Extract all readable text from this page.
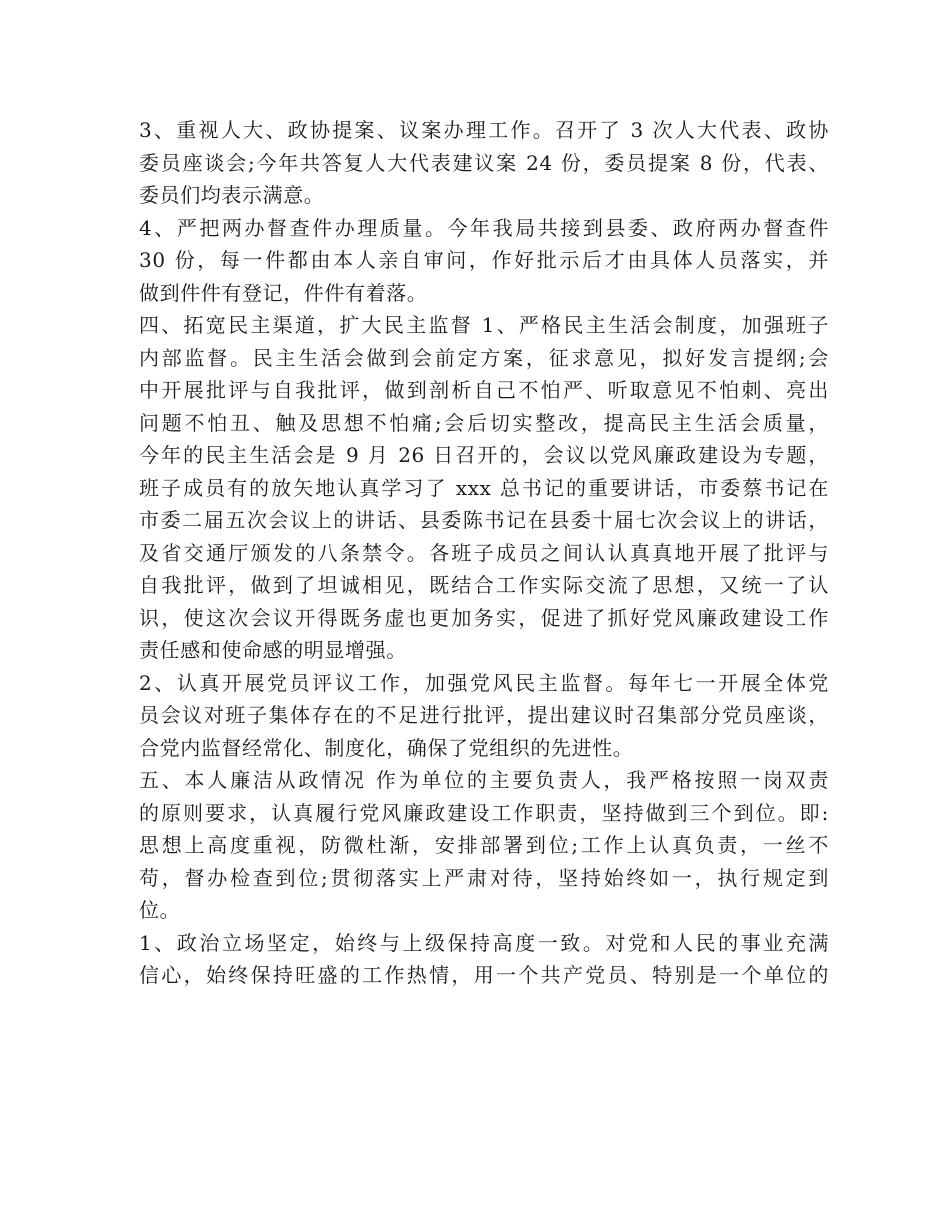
3、重视人大、政协提案、议案办理工作。召开了 3 次人大代表、政协
委员座谈会;今年共答复人大代表建议案 24 份，委员提案 8 份，代表、
委员们均表示满意。
4、严把两办督查件办理质量。今年我局共接到县委、政府两办督查件
30 份，每一件都由本人亲自审问，作好批示后才由具体人员落实，并
做到件件有登记，件件有着落。
四、拓宽民主渠道，扩大民主监督 1、严格民主生活会制度，加强班子
内部监督。民主生活会做到会前定方案，征求意见，拟好发言提纲;会
中开展批评与自我批评，做到剖析自己不怕严、听取意见不怕刺、亮出
问题不怕丑、触及思想不怕痛;会后切实整改，提高民主生活会质量，
今年的民主生活会是 9 月 26 日召开的，会议以党风廉政建设为专题，
班子成员有的放矢地认真学习了 xxx 总书记的重要讲话，市委蔡书记在
市委二届五次会议上的讲话、县委陈书记在县委十届七次会议上的讲话，
及省交通厅颁发的八条禁令。各班子成员之间认认真真地开展了批评与
自我批评，做到了坦诚相见，既结合工作实际交流了思想，又统一了认
识，使这次会议开得既务虚也更加务实，促进了抓好党风廉政建设工作
责任感和使命感的明显增强。
2、认真开展党员评议工作，加强党风民主监督。每年七一开展全体党
员会议对班子集体存在的不足进行批评，提出建议时召集部分党员座谈，
合党内监督经常化、制度化，确保了党组织的先进性。
五、本人廉洁从政情况 作为单位的主要负责人，我严格按照一岗双责
的原则要求，认真履行党风廉政建设工作职责，坚持做到三个到位。即:
思想上高度重视，防微杜渐，安排部署到位;工作上认真负责，一丝不
苟，督办检查到位;贯彻落实上严肃对待，坚持始终如一，执行规定到
位。
1、政治立场坚定，始终与上级保持高度一致。对党和人民的事业充满
信心，始终保持旺盛的工作热情，用一个共产党员、特别是一个单位的
